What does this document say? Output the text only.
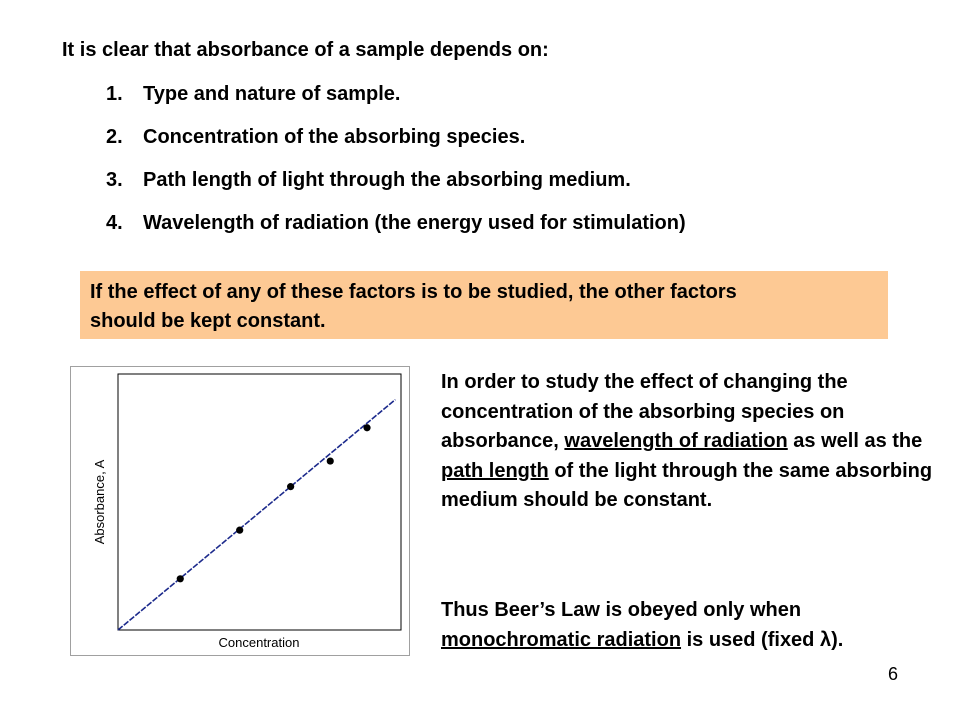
It is clear that absorbance of a sample depends on:
1. Type and nature of sample.
2. Concentration of the absorbing species.
3. Path length of light through the absorbing medium.
4. Wavelength of radiation (the energy used for stimulation)
If the effect of any of these factors is to be studied, the other factors
should be kept constant.
Concentration
Absorbance, A

In order to study the effect of changing the concentration of the absorbing species on absorbance, wavelength of radiation as well as the path length of the light through the same absorbing medium should be constant.

Thus Beer’s Law is obeyed only when monochromatic radiation is used (fixed λ).

6
